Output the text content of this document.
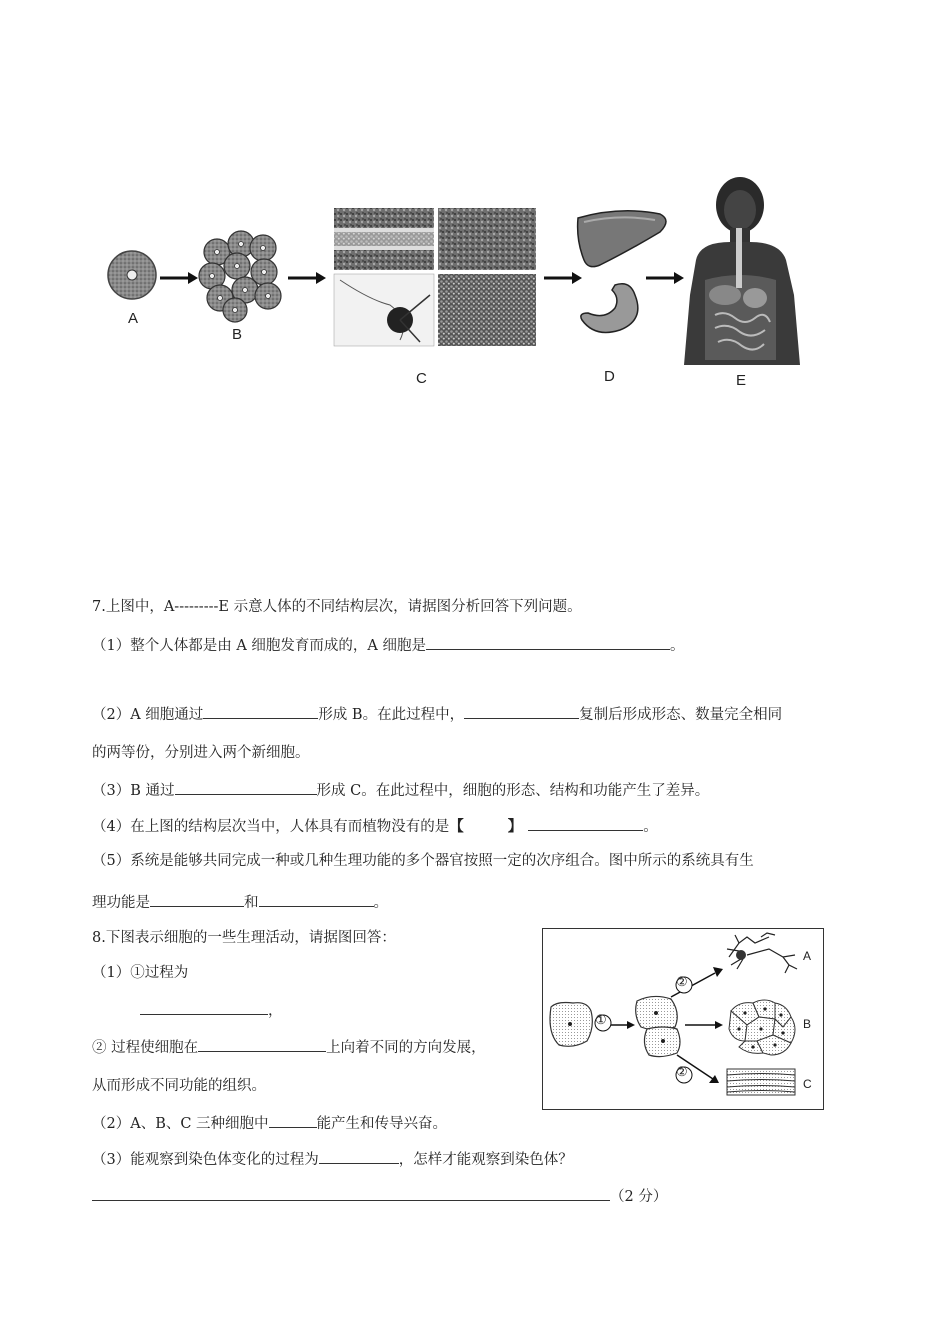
A
B
C	D	E
7.上图中，A---------E 示意人体的不同结构层次，请据图分析回答下列问题。
（1）整个人体都是由 A 细胞发育而成的，A 细胞是	。
（2）A 细胞通过	形成 B。在此过程中，	复制后形成形态、数量完全相同
的两等份，分别进入两个新细胞。
（3）B 通过	形成 C。在此过程中，细胞的形态、结构和功能产生了差异。
（4）在上图的结构层次当中，人体具有而植物没有的是【	】	。
（5）系统是能够共同完成一种或几种生理功能的多个器官按照一定的次序组合。图中所示的系统具有生
理功能是	和	。
8.下图表示细胞的一些生理活动，请据图回答：
（1）①过程为
，
② 过程使细胞在	上向着不同的方向发展，
从而形成不同功能的组织。
（2）A、B、C 三种细胞中	能产生和传导兴奋。
（3）能观察到染色体变化的过程为	，怎样才能观察到染色体？
（2 分）
①
②
②
A
B
C
